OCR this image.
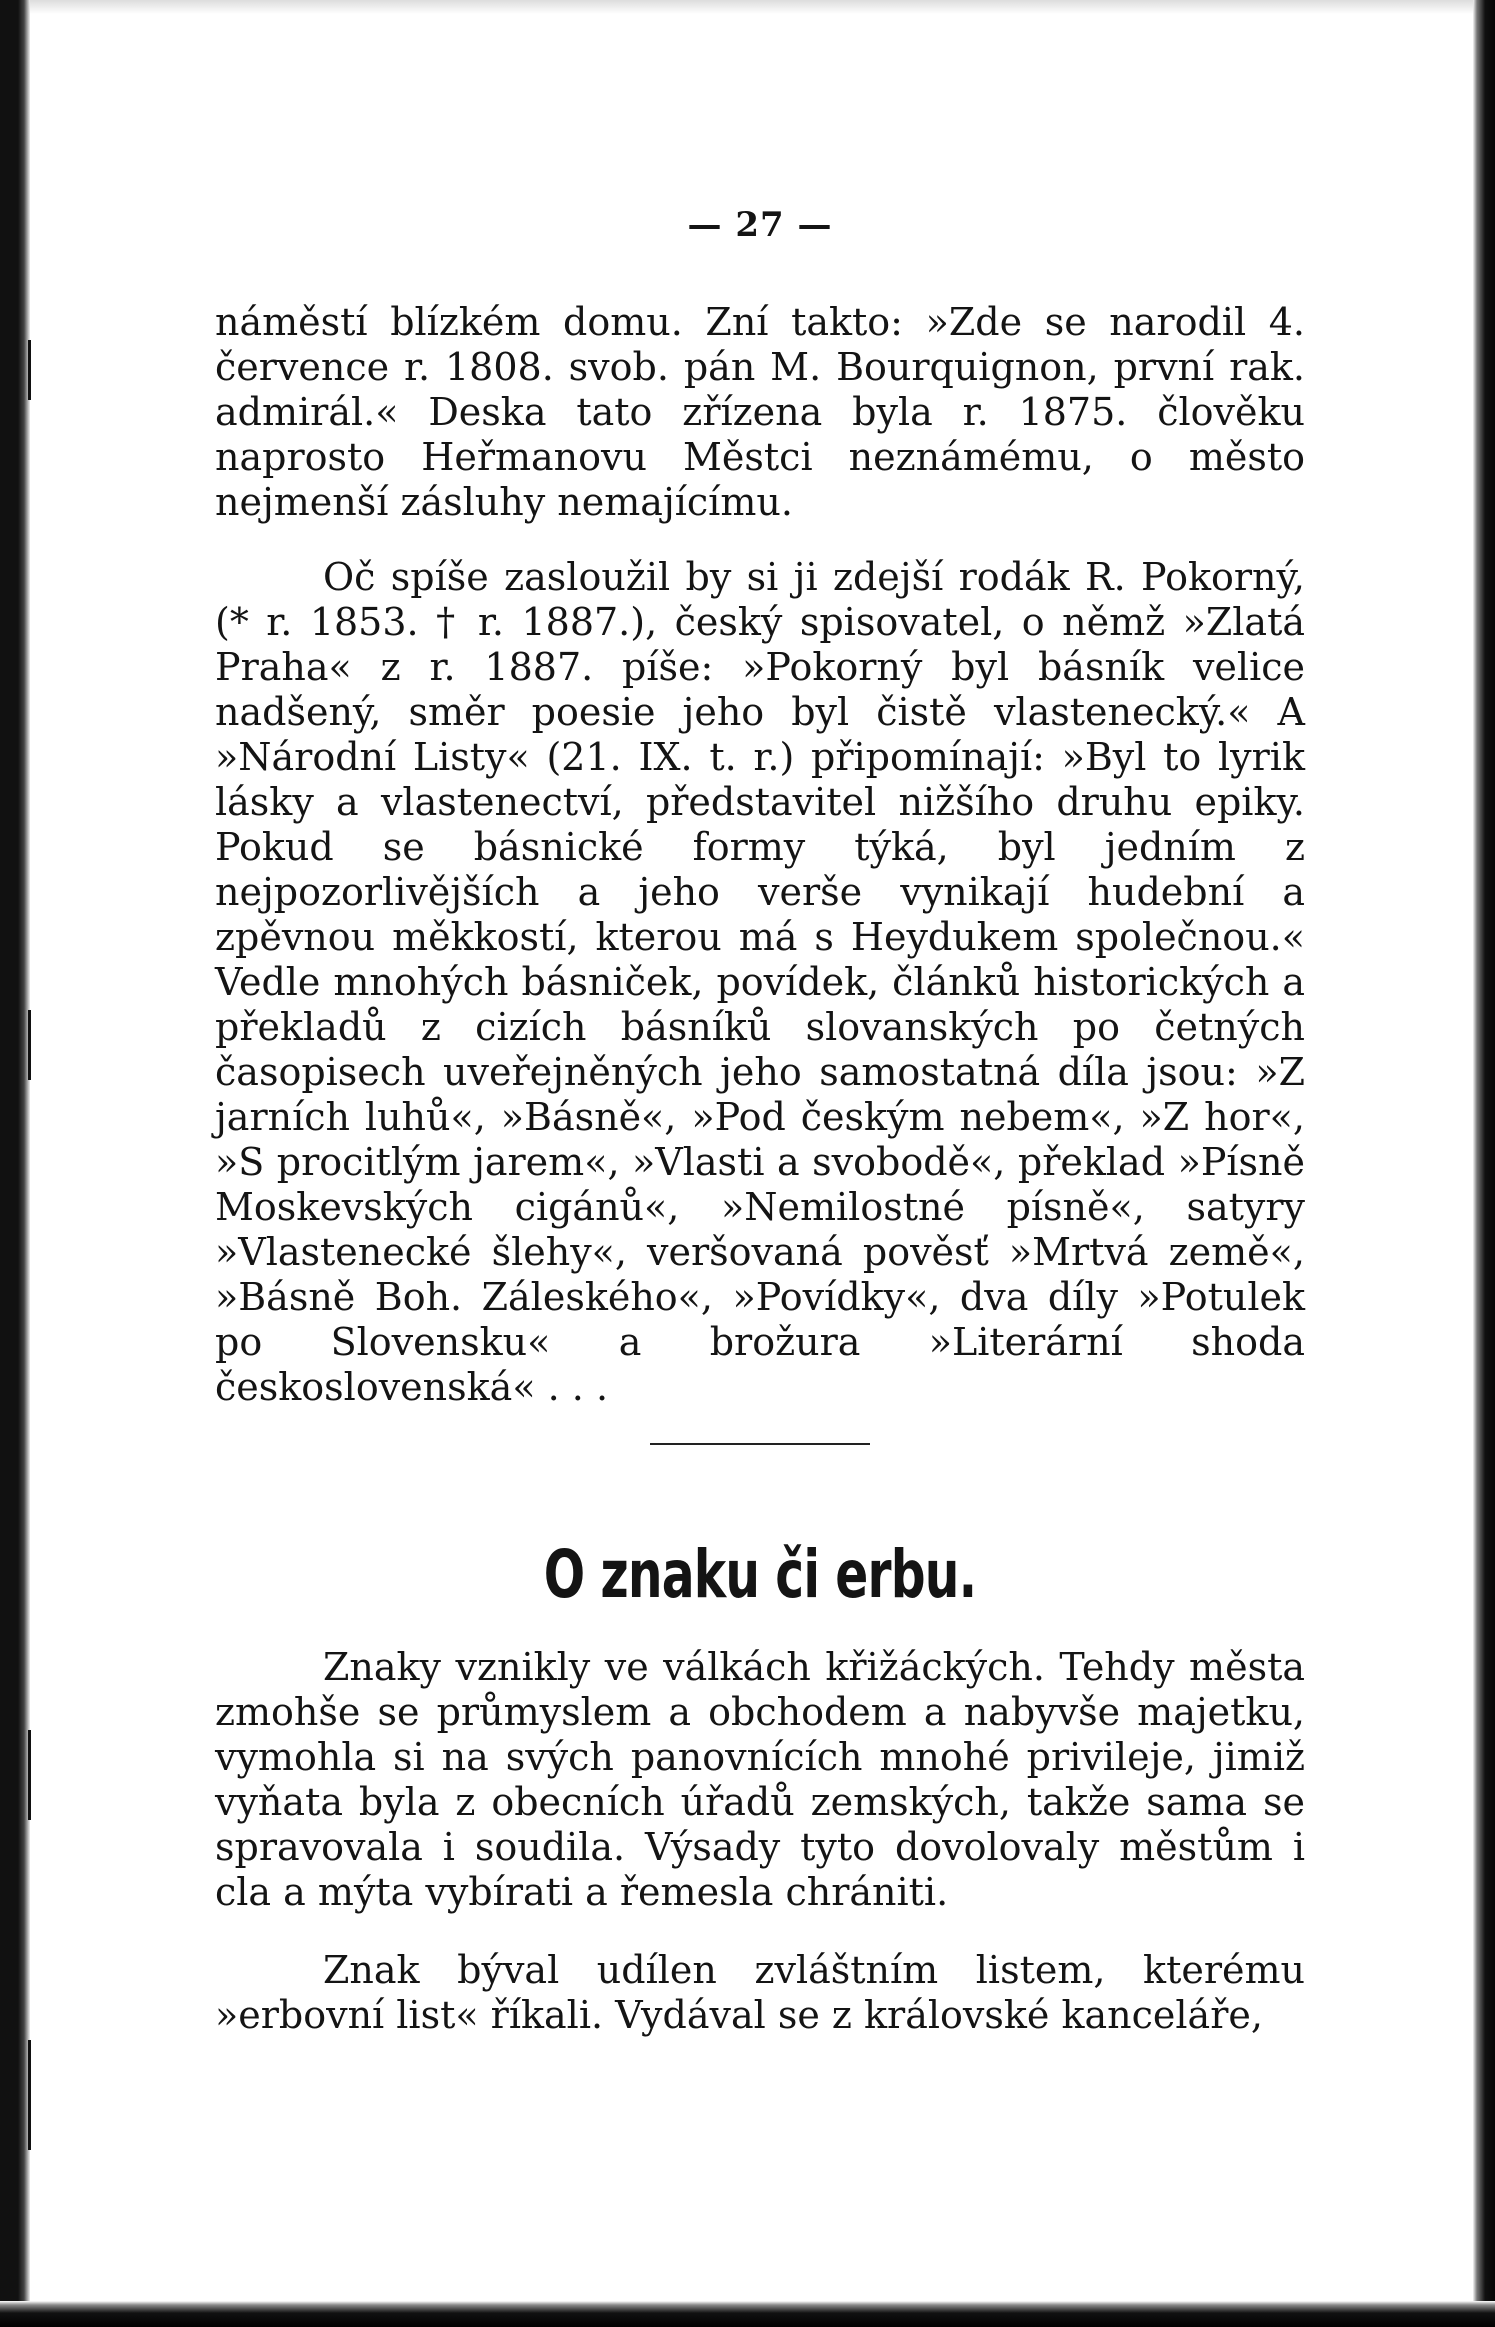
— 27 —

náměstí blízkém domu. Zní takto: »Zde se narodil 4. července r. 1808. svob. pán M. Bourquignon, první rak. admirál.« Deska tato zřízena byla r. 1875. člověku naprosto Heřmanovu Městci neznámému, o město nejmenší zásluhy nemajícímu.

Oč spíše zasloužil by si ji zdejší rodák R. Pokorný, (* r. 1853. † r. 1887.), český spisovatel, o němž »Zlatá Praha« z r. 1887. píše: »Pokorný byl básník velice nadšený, směr poesie jeho byl čistě vlastenecký.« A »Národní Listy« (21. IX. t. r.) připomínají: »Byl to lyrik lásky a vlastenectví, představitel nižšího druhu epiky. Pokud se básnické formy týká, byl jedním z nejpozorlivějších a jeho verše vynikají hudební a zpěvnou měkkostí, kterou má s Heydukem společnou.« Vedle mnohých básniček, povídek, článků historických a překladů z cizích básníků slovanských po četných časopisech uveřejněných jeho samostatná díla jsou: »Z jarních luhů«, »Básně«, »Pod českým nebem«, »Z hor«, »S procitlým jarem«, »Vlasti a svobodě«, překlad »Písně Moskevských cigánů«, »Nemilostné písně«, satyry »Vlastenecké šlehy«, veršovaná pověsť »Mrtvá země«, »Básně Boh. Záleského«, »Povídky«, dva díly »Potulek po Slovensku« a brožura »Literární shoda československá« . . .

O znaku či erbu.

Znaky vznikly ve válkách křižáckých. Tehdy města zmohše se průmyslem a obchodem a nabyvše majetku, vymohla si na svých panovnících mnohé privileje, jimiž vyňata byla z obecních úřadů zemských, takže sama se spravovala i soudila. Výsady tyto dovolovaly městům i cla a mýta vybírati a řemesla chrániti.

Znak býval udílen zvláštním listem, kterému »erbovní list« říkali. Vydával se z královské kanceláře,
